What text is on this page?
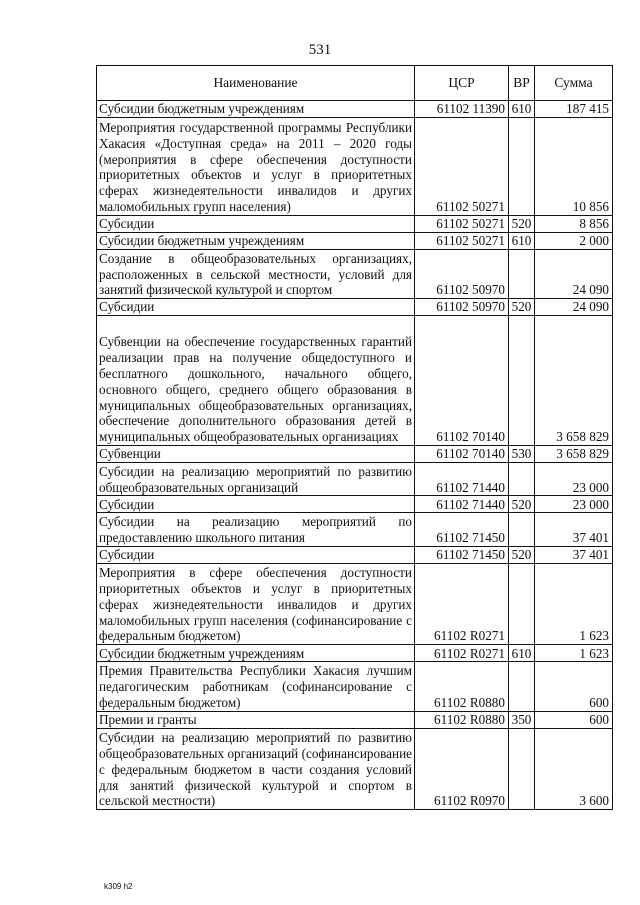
531
Наименование	ЦСР	ВР	Сумма
Субсидии бюджетным учреждениям	61102 11390	610	187 415
Мероприятия государственной программы Республики Хакасия «Доступная среда» на 2011 – 2020 годы (мероприятия в сфере обеспечения доступности приоритетных объектов и услуг в приоритетных сферах жизнедеятельности инвалидов и других маломобильных групп населения)	61102 50271		10 856
Субсидии	61102 50271	520	8 856
Субсидии бюджетным учреждениям	61102 50271	610	2 000
Создание в общеобразовательных организациях, расположенных в сельской местности, условий для занятий физической культурой и спортом	61102 50970		24 090
Субсидии	61102 50970	520	24 090
Субвенции на обеспечение государственных гарантий реализации прав на получение общедоступного и бесплатного дошкольного, начального общего, основного общего, среднего общего образования в муниципальных общеобразовательных организациях, обеспечение дополнительного образования детей в муниципальных общеобразовательных организациях	61102 70140		3 658 829
Субвенции	61102 70140	530	3 658 829
Субсидии на реализацию мероприятий по развитию общеобразовательных организаций	61102 71440		23 000
Субсидии	61102 71440	520	23 000
Субсидии на реализацию мероприятий по предоставлению школьного питания	61102 71450		37 401
Субсидии	61102 71450	520	37 401
Мероприятия в сфере обеспечения доступности приоритетных объектов и услуг в приоритетных сферах жизнедеятельности инвалидов и других маломобильных групп населения (софинансирование с федеральным бюджетом)	61102 R0271		1 623
Субсидии бюджетным учреждениям	61102 R0271	610	1 623
Премия Правительства Республики Хакасия лучшим педагогическим работникам (софинансирование с федеральным бюджетом)	61102 R0880		600
Премии и гранты	61102 R0880	350	600
Субсидии на реализацию мероприятий по развитию общеобразовательных организаций (софинансирование с федеральным бюджетом в части создания условий для занятий физической культурой и спортом в сельской местности)	61102 R0970		3 600
k309 h2
